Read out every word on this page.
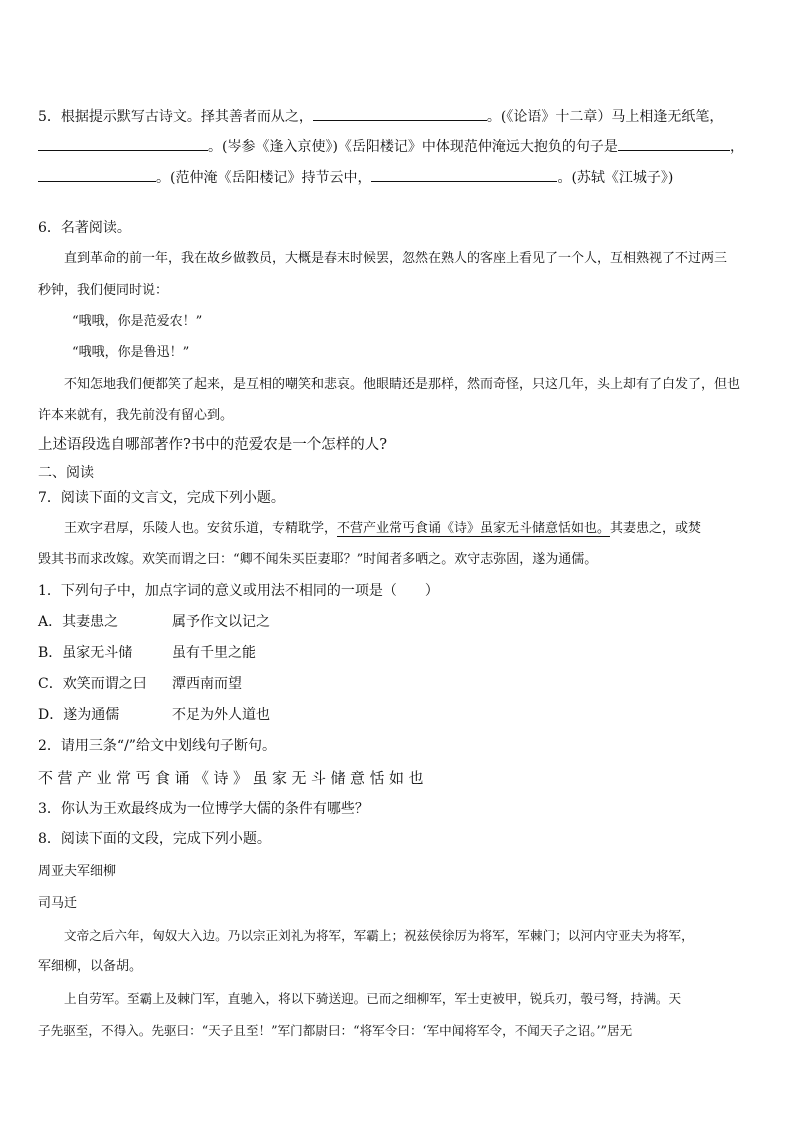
5．根据提示默写古诗文。择其善者而从之，	。(《论语》十二章）马上相逢无纸笔，
。(岑参《逢入京使》)《岳阳楼记》中体现范仲淹远大抱负的句子是	，
。(范仲淹《岳阳楼记》持节云中，	。(苏轼《江城子》)
6．名著阅读。
直到革命的前一年，我在故乡做教员，大概是春末时候罢，忽然在熟人的客座上看见了一个人，互相熟视了不过两三
秒钟，我们便同时说：
“哦哦，你是范爱农！”
“哦哦，你是鲁迅！”
不知怎地我们便都笑了起来，是互相的嘲笑和悲哀。他眼睛还是那样，然而奇怪，只这几年，头上却有了白发了，但也
许本来就有，我先前没有留心到。
上述语段选自哪部著作?书中的范爱农是一个怎样的人?
二、阅读
7．阅读下面的文言文，完成下列小题。
王欢字君厚，乐陵人也。安贫乐道，专精耽学，不营产业常丐食诵《诗》虽家无斗储意恬如也。其妻患之，或焚
毁其书而求改嫁。欢笑而谓之曰：“卿不闻朱买臣妻耶？”时闻者多哂之。欢守志弥固，遂为通儒。
1．下列句子中，加点字词的意义或用法不相同的一项是（　　）
A．其妻患之	属予作文以记之
B．虽家无斗储	虽有千里之能
C．欢笑而谓之曰 潭西南而望
D．遂为通儒	不足为外人道也
2．请用三条“/”给文中划线句子断句。
不营产业常丐食诵《诗》虽家无斗储意恬如也
3．你认为王欢最终成为一位博学大儒的条件有哪些？
8．阅读下面的文段，完成下列小题。
周亚夫军细柳
司马迁
文帝之后六年，匈奴大入边。乃以宗正刘礼为将军，军霸上；祝兹侯徐厉为将军，军棘门；以河内守亚夫为将军，
军细柳，以备胡。
上自劳军。至霸上及棘门军，直驰入，将以下骑送迎。已而之细柳军，军士吏被甲，锐兵刃，彀弓弩，持满。天
子先驱至，不得入。先驱曰：“天子且至！”军门都尉曰：“将军令曰：‘军中闻将军令，不闻天子之诏。’”居无
